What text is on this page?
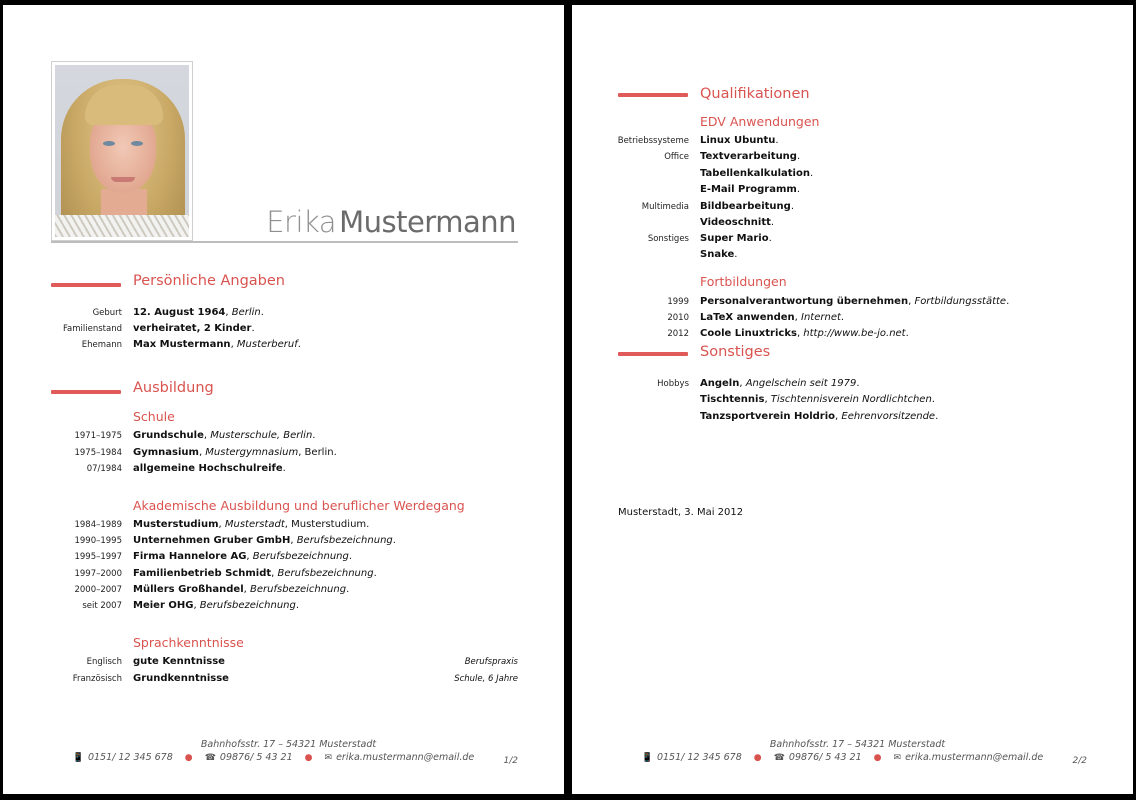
Erika Mustermann
Persönliche Angaben
Geburt 12. August 1964, Berlin.
Familienstand verheiratet, 2 Kinder.
Ehemann Max Mustermann, Musterberuf.
Ausbildung
Schule
1971–1975 Grundschule, Musterschule, Berlin.
1975–1984 Gymnasium, Mustergymnasium, Berlin.
07/1984 allgemeine Hochschulreife.
Akademische Ausbildung und beruflicher Werdegang
1984–1989 Musterstudium, Musterstadt, Musterstudium.
1990–1995 Unternehmen Gruber GmbH, Berufsbezeichnung.
1995–1997 Firma Hannelore AG, Berufsbezeichnung.
1997–2000 Familienbetrieb Schmidt, Berufsbezeichnung.
2000–2007 Müllers Großhandel, Berufsbezeichnung.
seit 2007 Meier OHG, Berufsbezeichnung.
Sprachkenntnisse
Englisch gute Kenntnisse	Berufspraxis
Französisch Grundkenntnisse	Schule, 6 Jahre
Bahnhofsstr. 17 – 54321 Musterstadt
📱 0151/ 12 345 678 ● ☎ 09876/ 5 43 21 ● ✉ erika.mustermann@email.de	1/2
Qualifikationen
EDV Anwendungen
Betriebssysteme Linux Ubuntu.
Office Textverarbeitung.
Tabellenkalkulation.
E-Mail Programm.
Multimedia Bildbearbeitung.
Videoschnitt.
Sonstiges Super Mario.
Snake.
Fortbildungen
1999 Personalverantwortung übernehmen, Fortbildungsstätte.
2010 LaTeX anwenden, Internet.
2012 Coole Linuxtricks, http://www.be-jo.net.
Sonstiges
Hobbys Angeln, Angelschein seit 1979.
Tischtennis, Tischtennisverein Nordlichtchen.
Tanzsportverein Holdrio, Eehrenvorsitzende.
Musterstadt, 3. Mai 2012
Bahnhofsstr. 17 – 54321 Musterstadt
📱 0151/ 12 345 678 ● ☎ 09876/ 5 43 21 ● ✉ erika.mustermann@email.de	2/2
